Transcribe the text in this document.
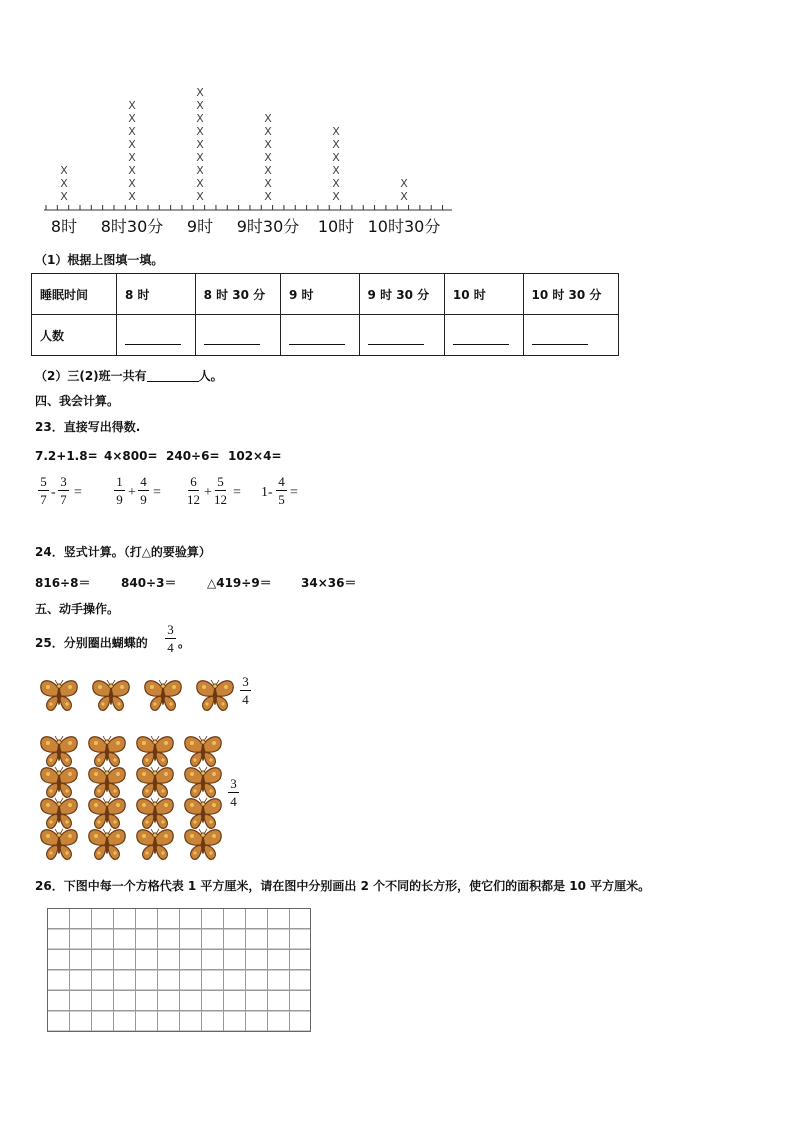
X
X
X
X
X
X
X
X
X
X
X
X
X
X
X
X
X
X
X
X
X
X
X
X
X
X
X
X
X
X
X
X
X
X
X
8时 8时30分 9时 9时30分 10时 10时30分
（1）根据上图填一填。
睡眠时间	8 时	8 时 30 分	9 时	9 时 30 分	10 时	10 时 30 分
人数						
（2）三(2)班一共有	人。
四、我会计算。
23．直接写出得数.
7.2+1.8= 4×800= 240÷6= 102×4=
5
7 -
3
7 =
1
9 +
4
9 =
6
12 +
5
12 = 1-
4
5 =
24．竖式计算。（打△的要验算）
816÷8＝	840÷3＝	△419÷9＝ 34×36＝
五、动手操作。
25．分别圈出蝴蝶的
3
4 。
3
4
3
4
26．下图中每一个方格代表 1 平方厘米，请在图中分别画出 2 个不同的长方形，使它们的面积都是 10 平方厘米。
